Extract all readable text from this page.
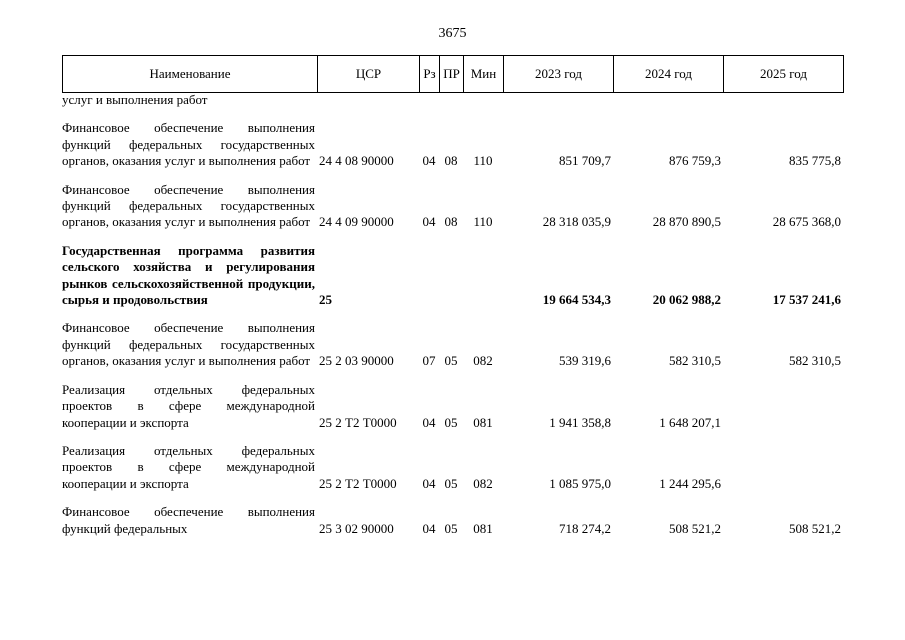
3675
Наименование	ЦСР	Рз	ПР	Мин	2023 год	2024 год	2025 год
услуг и выполнения работ							

Финансовое обеспечение выполнения функций федеральных государственных органов, оказания услуг и выполнения работ	24 4 08 90000	04	08	110	851 709,7	876 759,3	835 775,8

Финансовое обеспечение выполнения функций федеральных государственных органов, оказания услуг и выполнения работ	24 4 09 90000	04	08	110	28 318 035,9	28 870 890,5	28 675 368,0

Государственная программа развития сельского хозяйства и регулирования рынков сельскохозяйственной продукции, сырья и продовольствия	25				19 664 534,3	20 062 988,2	17 537 241,6

Финансовое обеспечение выполнения функций федеральных государственных органов, оказания услуг и выполнения работ	25 2 03 90000	07	05	082	539 319,6	582 310,5	582 310,5

Реализация отдельных федеральных проектов в сфере международной кооперации и экспорта	25 2 Т2 Т0000	04	05	081	1 941 358,8	1 648 207,1	

Реализация отдельных федеральных проектов в сфере международной кооперации и экспорта	25 2 Т2 Т0000	04	05	082	1 085 975,0	1 244 295,6	

Финансовое обеспечение выполнения функций федеральных	25 3 02 90000	04	05	081	718 274,2	508 521,2	508 521,2
